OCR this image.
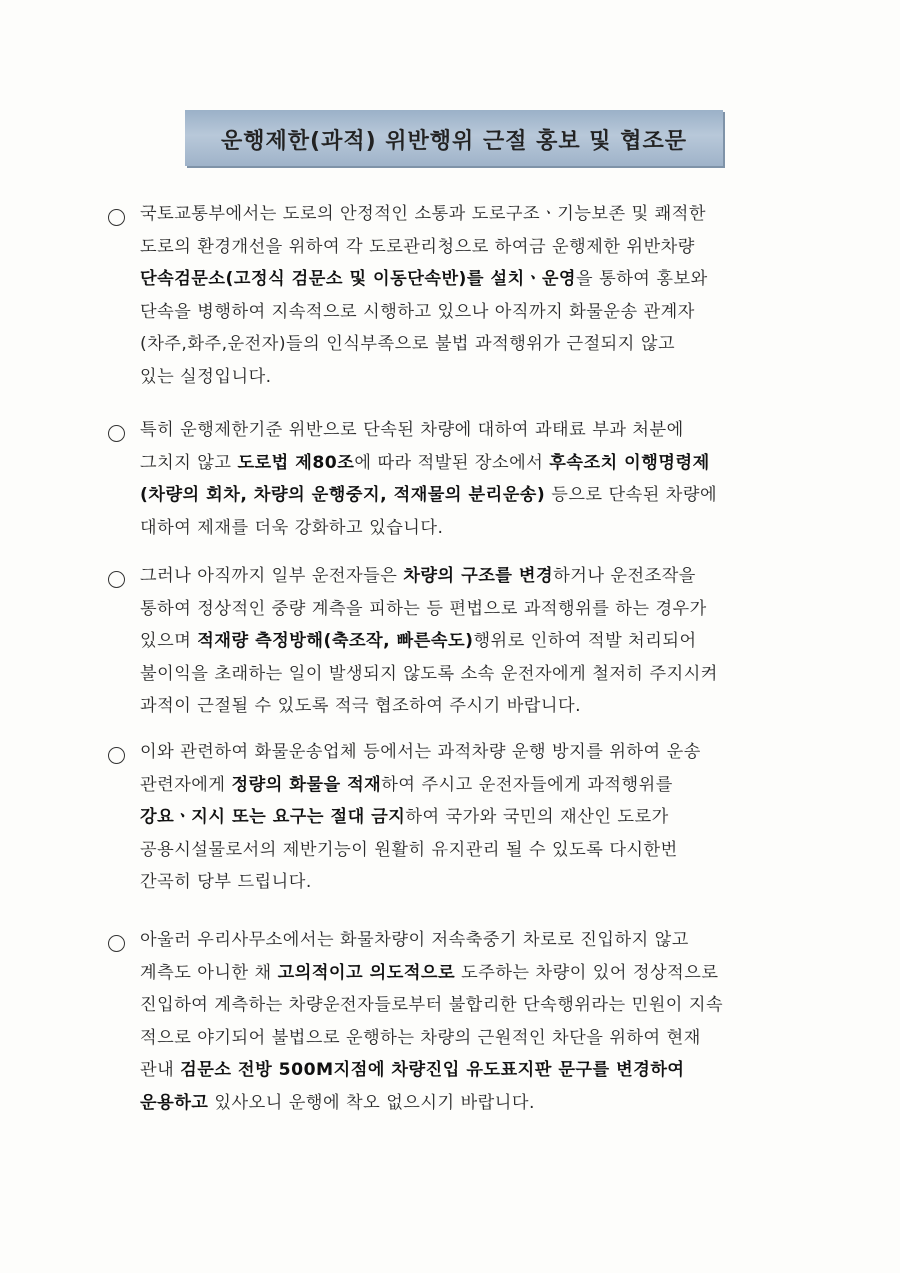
운행제한(과적) 위반행위 근절 홍보 및 협조문
국토교통부에서는 도로의 안정적인 소통과 도로구조ㆍ기능보존 및 쾌적한
도로의 환경개선을 위하여 각 도로관리청으로 하여금 운행제한 위반차량
단속검문소(고정식 검문소 및 이동단속반)를 설치ㆍ운영을 통하여 홍보와
단속을 병행하여 지속적으로 시행하고 있으나 아직까지 화물운송 관계자
(차주,화주,운전자)들의 인식부족으로 불법 과적행위가 근절되지 않고
있는 실정입니다.
특히 운행제한기준 위반으로 단속된 차량에 대하여 과태료 부과 처분에
그치지 않고 도로법 제80조에 따라 적발된 장소에서 후속조치 이행명령제
(차량의 회차, 차량의 운행중지, 적재물의 분리운송) 등으로 단속된 차량에
대하여 제재를 더욱 강화하고 있습니다.
그러나 아직까지 일부 운전자들은 차량의 구조를 변경하거나 운전조작을
통하여 정상적인 중량 계측을 피하는 등 편법으로 과적행위를 하는 경우가
있으며 적재량 측정방해(축조작, 빠른속도)행위로 인하여 적발 처리되어
불이익을 초래하는 일이 발생되지 않도록 소속 운전자에게 철저히 주지시켜
과적이 근절될 수 있도록 적극 협조하여 주시기 바랍니다.
이와 관련하여 화물운송업체 등에서는 과적차량 운행 방지를 위하여 운송
관련자에게 정량의 화물을 적재하여 주시고 운전자들에게 과적행위를
강요ㆍ지시 또는 요구는 절대 금지하여 국가와 국민의 재산인 도로가
공용시설물로서의 제반기능이 원활히 유지관리 될 수 있도록 다시한번
간곡히 당부 드립니다.
아울러 우리사무소에서는 화물차량이 저속축중기 차로로 진입하지 않고
계측도 아니한 채 고의적이고 의도적으로 도주하는 차량이 있어 정상적으로
진입하여 계측하는 차량운전자들로부터 불합리한 단속행위라는 민원이 지속
적으로 야기되어 불법으로 운행하는 차량의 근원적인 차단을 위하여 현재
관내 검문소 전방 500M지점에 차량진입 유도표지판 문구를 변경하여
운용하고 있사오니 운행에 착오 없으시기 바랍니다.
